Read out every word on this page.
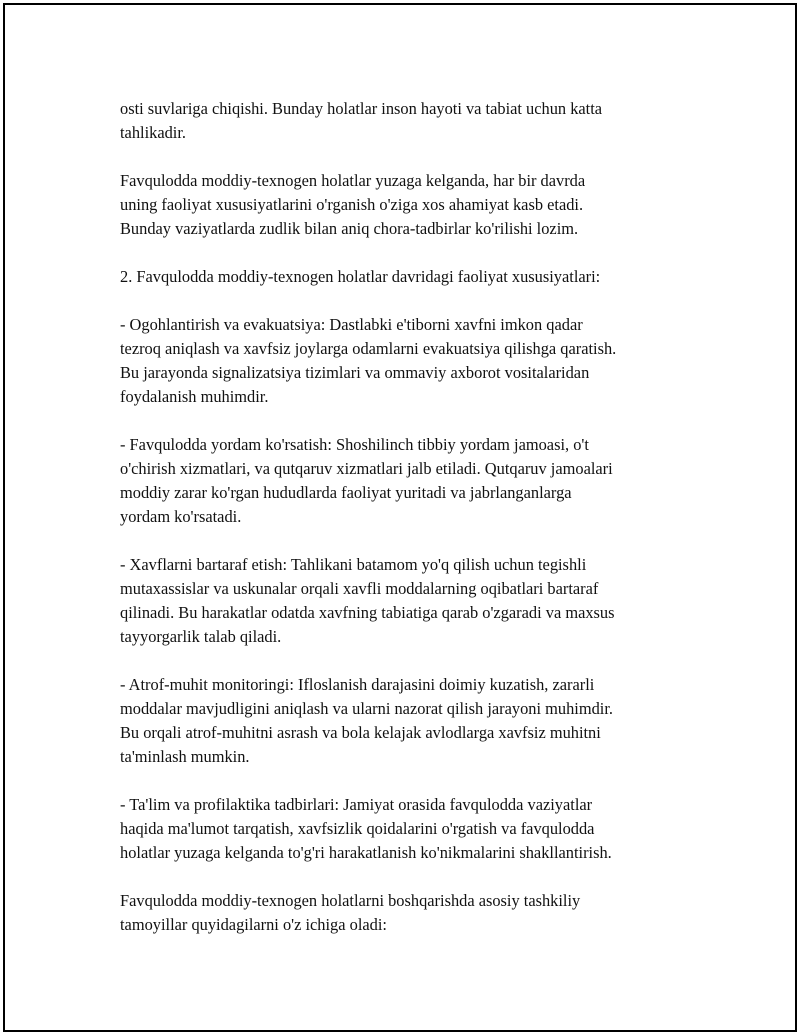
osti suvlariga chiqishi. Bunday holatlar inson hayoti va tabiat uchun katta
tahlikadir.

Favqulodda moddiy-texnogen holatlar yuzaga kelganda, har bir davrda
uning faoliyat xususiyatlarini o'rganish o'ziga xos ahamiyat kasb etadi.
Bunday vaziyatlarda zudlik bilan aniq chora-tadbirlar ko'rilishi lozim.

2. Favqulodda moddiy-texnogen holatlar davridagi faoliyat xususiyatlari:

- Ogohlantirish va evakuatsiya: Dastlabki e'tiborni xavfni imkon qadar
tezroq aniqlash va xavfsiz joylarga odamlarni evakuatsiya qilishga qaratish.
Bu jarayonda signalizatsiya tizimlari va ommaviy axborot vositalaridan
foydalanish muhimdir.

- Favqulodda yordam ko'rsatish: Shoshilinch tibbiy yordam jamoasi, o't
o'chirish xizmatlari, va qutqaruv xizmatlari jalb etiladi. Qutqaruv jamoalari
moddiy zarar ko'rgan hududlarda faoliyat yuritadi va jabrlanganlarga
yordam ko'rsatadi.

- Xavflarni bartaraf etish: Tahlikani batamom yo'q qilish uchun tegishli
mutaxassislar va uskunalar orqali xavfli moddalarning oqibatlari bartaraf
qilinadi. Bu harakatlar odatda xavfning tabiatiga qarab o'zgaradi va maxsus
tayyorgarlik talab qiladi.

- Atrof-muhit monitoringi: Ifloslanish darajasini doimiy kuzatish, zararli
moddalar mavjudligini aniqlash va ularni nazorat qilish jarayoni muhimdir.
Bu orqali atrof-muhitni asrash va bola kelajak avlodlarga xavfsiz muhitni
ta'minlash mumkin.

- Ta'lim va profilaktika tadbirlari: Jamiyat orasida favqulodda vaziyatlar
haqida ma'lumot tarqatish, xavfsizlik qoidalarini o'rgatish va favqulodda
holatlar yuzaga kelganda to'g'ri harakatlanish ko'nikmalarini shakllantirish.

Favqulodda moddiy-texnogen holatlarni boshqarishda asosiy tashkiliy
tamoyillar quyidagilarni o'z ichiga oladi:
